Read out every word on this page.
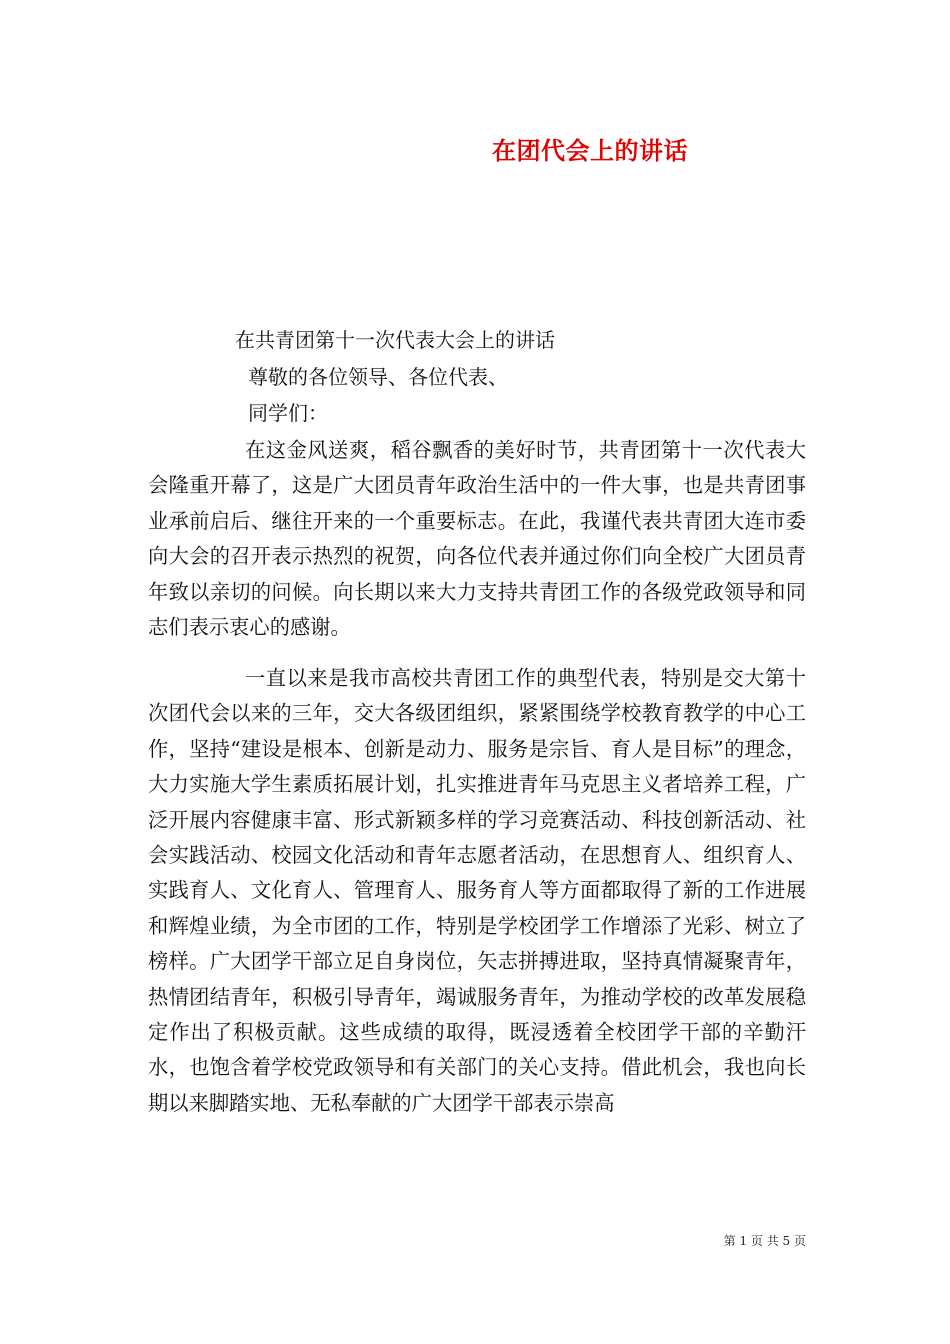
在团代会上的讲话

在共青团第十一次代表大会上的讲话

尊敬的各位领导、各位代表、

同学们：

在这金风送爽，稻谷飘香的美好时节，共青团第十一次代表大会隆重开幕了，这是广大团员青年政治生活中的一件大事，也是共青团事业承前启后、继往开来的一个重要标志。在此，我谨代表共青团大连市委向大会的召开表示热烈的祝贺，向各位代表并通过你们向全校广大团员青年致以亲切的问候。向长期以来大力支持共青团工作的各级党政领导和同志们表示衷心的感谢。

一直以来是我市高校共青团工作的典型代表，特别是交大第十次团代会以来的三年，交大各级团组织，紧紧围绕学校教育教学的中心工作，坚持“建设是根本、创新是动力、服务是宗旨、育人是目标”的理念，大力实施大学生素质拓展计划，扎实推进青年马克思主义者培养工程，广泛开展内容健康丰富、形式新颖多样的学习竞赛活动、科技创新活动、社会实践活动、校园文化活动和青年志愿者活动，在思想育人、组织育人、实践育人、文化育人、管理育人、服务育人等方面都取得了新的工作进展和辉煌业绩，为全市团的工作，特别是学校团学工作增添了光彩、树立了榜样。广大团学干部立足自身岗位，矢志拼搏进取，坚持真情凝聚青年，热情团结青年，积极引导青年，竭诚服务青年，为推动学校的改革发展稳定作出了积极贡献。这些成绩的取得，既浸透着全校团学干部的辛勤汗水，也饱含着学校党政领导和有关部门的关心支持。借此机会，我也向长期以来脚踏实地、无私奉献的广大团学干部表示崇高

第 1 页 共 5 页
